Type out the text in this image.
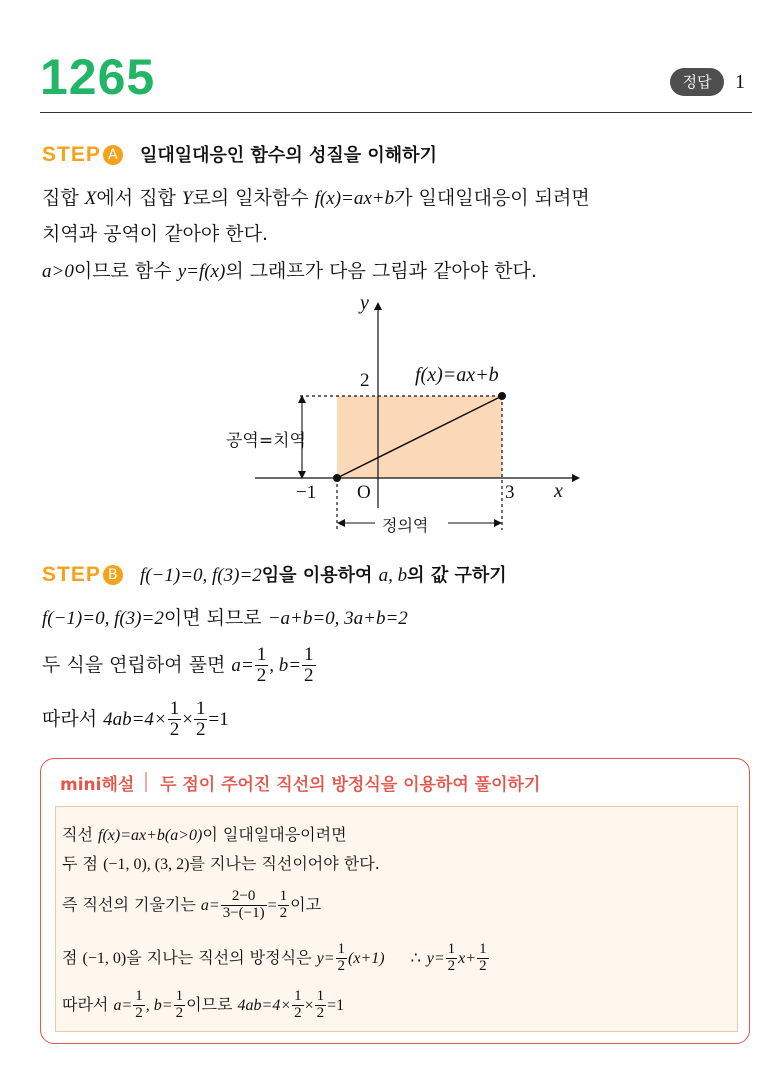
1265	정답	1
STEP A 일대일대응인 함수의 성질을 이해하기
집합 X에서 집합 Y로의 일차함수 f(x)=ax+b가 일대일대응이 되려면
치역과 공역이 같아야 한다.
a>0이므로 함수 y=f(x)의 그래프가 다음 그림과 같아야 한다.
y
x
O
2
−1	3
f(x)=ax+b
공역=치역
정의역
STEP B f(−1)=0, f(3)=2임을 이용하여 a, b의 값 구하기
f(−1)=0, f(3)=2이면 되므로 −a+b=0, 3a+b=2
두 식을 연립하여 풀면 $a= \frac{1}{2}$ , $b= \frac{1}{2}$
따라서 $4ab=4\times \frac{1}{2} \times \frac{1}{2} =1$
mini해설 두 점이 주어진 직선의 방정식을 이용하여 풀이하기
직선 f(x)=ax+b(a>0)이 일대일대응이려면
두 점 (−1, 0), (3, 2)를 지나는 직선이어야 한다.
즉 직선의 기울기는 $a= \frac{2-0}{3-(-1)} = \frac{1}{2}$ 이고
점 (−1, 0)을 지나는 직선의 방정식은 $y= \frac{1}{2} (x+1)$ ∴ $y= \frac{1}{2} x+ \frac{1}{2}$
따라서 $a= \frac{1}{2}$ , $b= \frac{1}{2}$ 이므로 $4ab=4\times \frac{1}{2} \times \frac{1}{2} =1$
